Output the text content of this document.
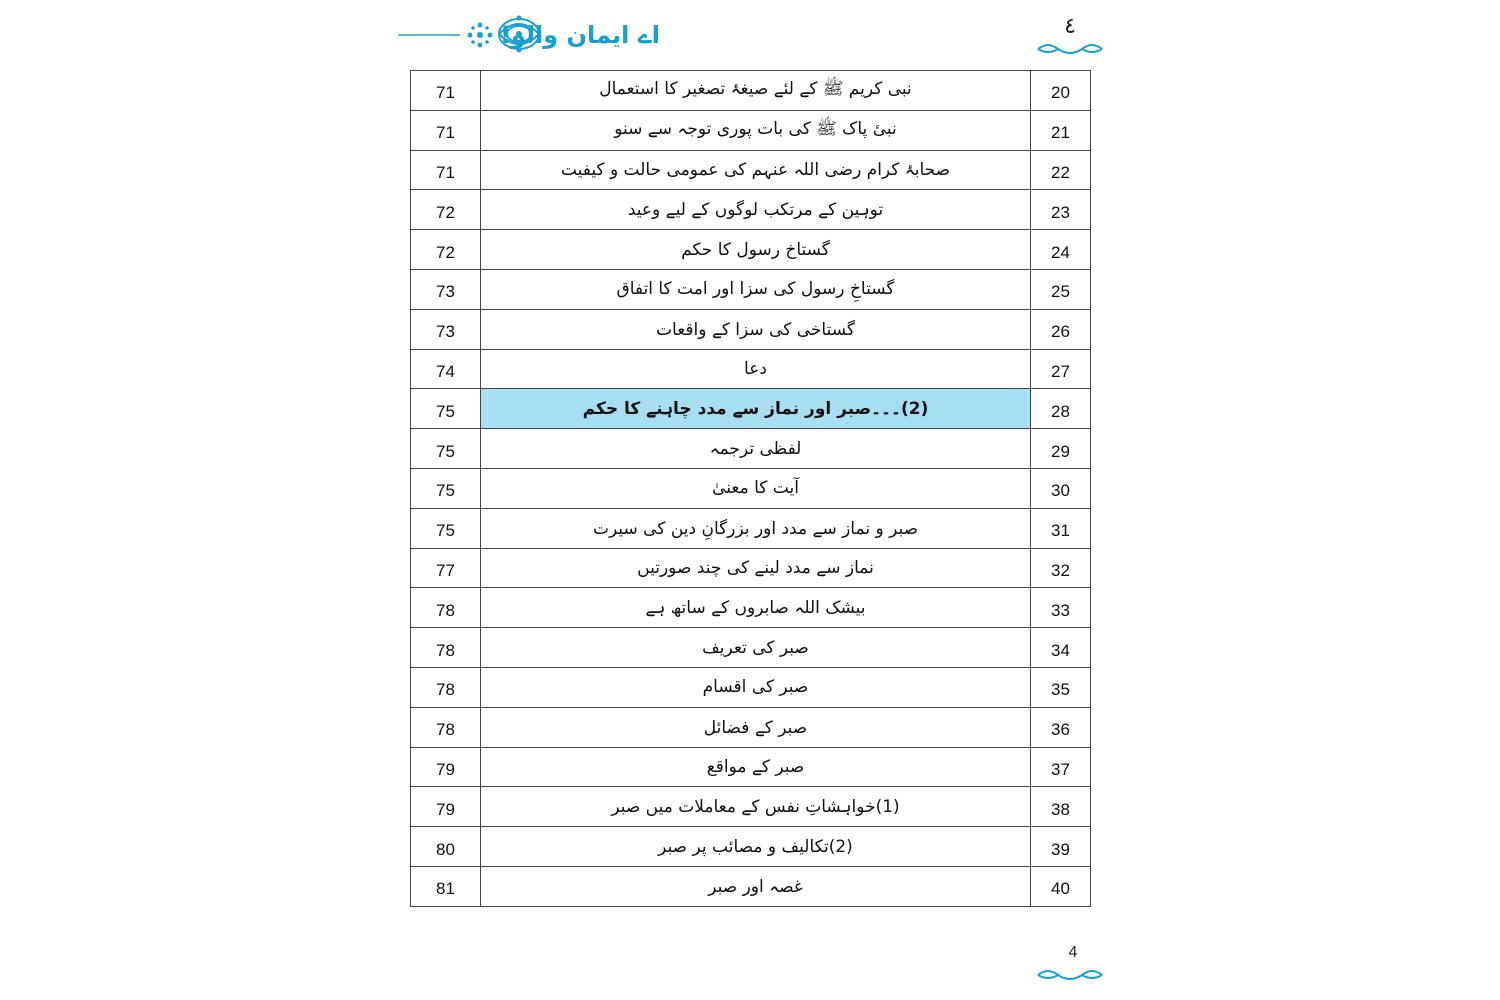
اے ایمان والو!	٤
71	نبی کریم ﷺ کے لئے صیغۂ تصغیر کا استعمال	20
71	نبیٔ پاک ﷺ کی بات پوری توجہ سے سنو	21
71	صحابۂ کرام رضی اللہ عنہم کی عمومی حالت و کیفیت	22
72	توہین کے مرتکب لوگوں کے لیے وعید	23
72	گستاخ رسول کا حکم	24
73	گستاخِ رسول کی سزا اور امت کا اتفاق	25
73	گستاخی کی سزا کے واقعات	26
74	دعا	27
75	(2)۔۔۔صبر اور نماز سے مدد چاہنے کا حکم	28
75	لفظی ترجمہ	29
75	آیت کا معنیٰ	30
75	صبر و نماز سے مدد اور بزرگانِ دین کی سیرت	31
77	نماز سے مدد لینے کی چند صورتیں	32
78	بیشک اللہ صابروں کے ساتھ ہے	33
78	صبر کی تعریف	34
78	صبر کی اقسام	35
78	صبر کے فضائل	36
79	صبر کے مواقع	37
79	(1)خواہشاتِ نفس کے معاملات میں صبر	38
80	(2)تکالیف و مصائب پر صبر	39
81	غصہ اور صبر	40
4
